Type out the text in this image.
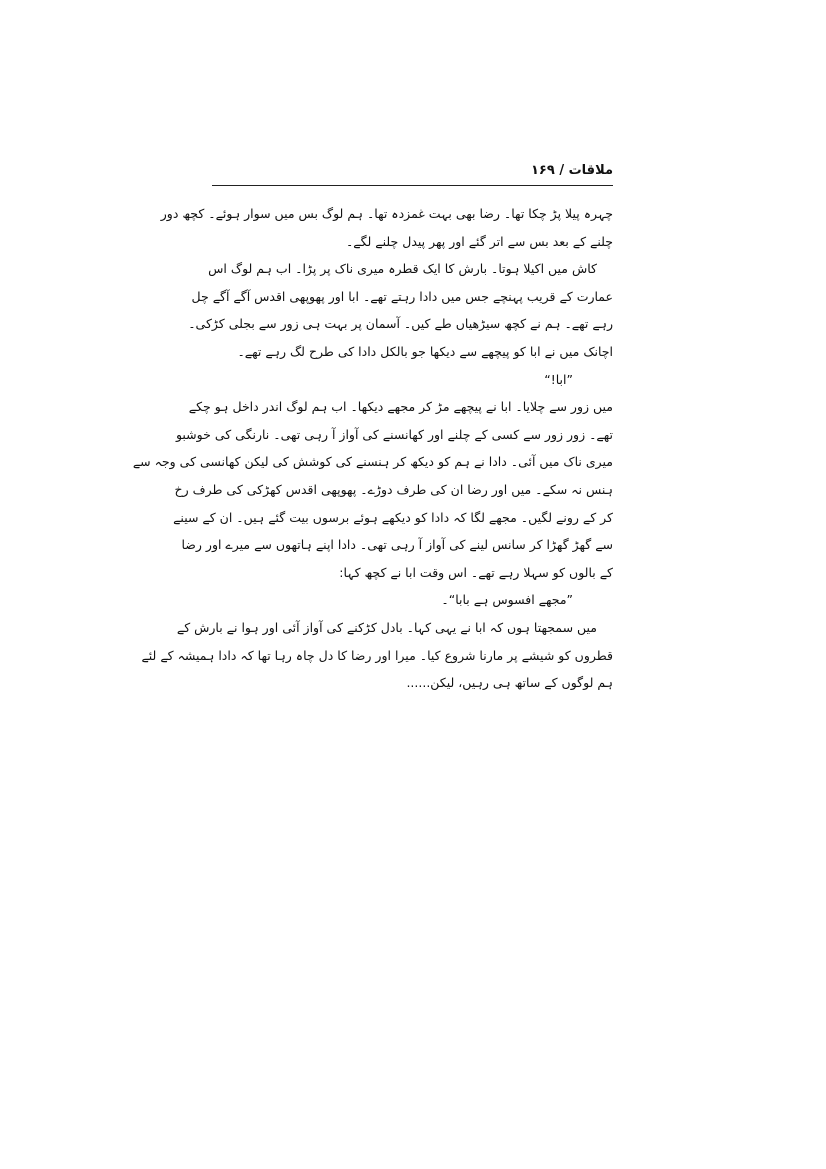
ملاقات / ۱۶۹
چہرہ پیلا پڑ چکا تھا۔ رضا بھی بہت غمزدہ تھا۔ ہم لوگ بس میں سوار ہوئے۔ کچھ دور
چلنے کے بعد بس سے اتر گئے اور پھر پیدل چلنے لگے۔
کاش میں اکیلا ہوتا۔ بارش کا ایک قطرہ میری ناک پر پڑا۔ اب ہم لوگ اس
عمارت کے قریب پہنچے جس میں دادا رہتے تھے۔ ابا اور پھوپھی اقدس آگے آگے چل
رہے تھے۔ ہم نے کچھ سیڑھیاں طے کیں۔ آسمان پر بہت ہی زور سے بجلی کڑکی۔
اچانک میں نے ابا کو پیچھے سے دیکھا جو بالکل دادا کی طرح لگ رہے تھے۔
”ابا!“
میں زور سے چلایا۔ ابا نے پیچھے مڑ کر مجھے دیکھا۔ اب ہم لوگ اندر داخل ہو چکے
تھے۔ زور زور سے کسی کے چلنے اور کھانسنے کی آواز آ رہی تھی۔ نارنگی کی خوشبو
میری ناک میں آئی۔ دادا نے ہم کو دیکھ کر ہنسنے کی کوشش کی لیکن کھانسی کی وجہ سے
ہنس نہ سکے۔ میں اور رضا ان کی طرف دوڑے۔ پھوپھی اقدس کھڑکی کی طرف رخ
کر کے رونے لگیں۔ مجھے لگا کہ دادا کو دیکھے ہوئے برسوں بیت گئے ہیں۔ ان کے سینے
سے گھڑ گھڑا کر سانس لینے کی آواز آ رہی تھی۔ دادا اپنے ہاتھوں سے میرے اور رضا
کے بالوں کو سہلا رہے تھے۔ اس وقت ابا نے کچھ کہا:
”مجھے افسوس ہے بابا“۔
میں سمجھتا ہوں کہ ابا نے یہی کہا۔ بادل کڑکنے کی آواز آئی اور ہوا نے بارش کے
قطروں کو شیشے پر مارنا شروع کیا۔ میرا اور رضا کا دل چاہ رہا تھا کہ دادا ہمیشہ کے لئے
ہم لوگوں کے ساتھ ہی رہیں، لیکن......
